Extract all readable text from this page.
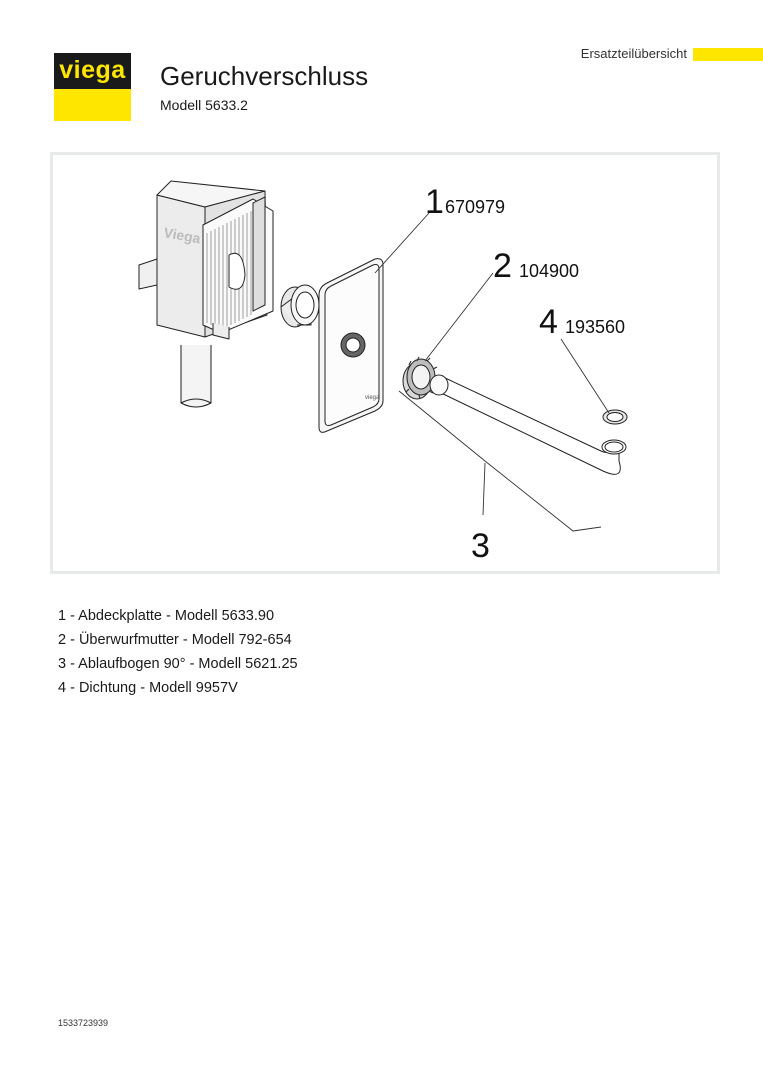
viega Geruchverschluss
Modell 5633.2
Ersatzteilübersicht
Viega
viega
1 670979
2 104900
4 193560
3
1 - Abdeckplatte - Modell 5633.90
2 - Überwurfmutter - Modell 792-654
3 - Ablaufbogen 90° - Modell 5621.25
4 - Dichtung - Modell 9957V
1533723939
